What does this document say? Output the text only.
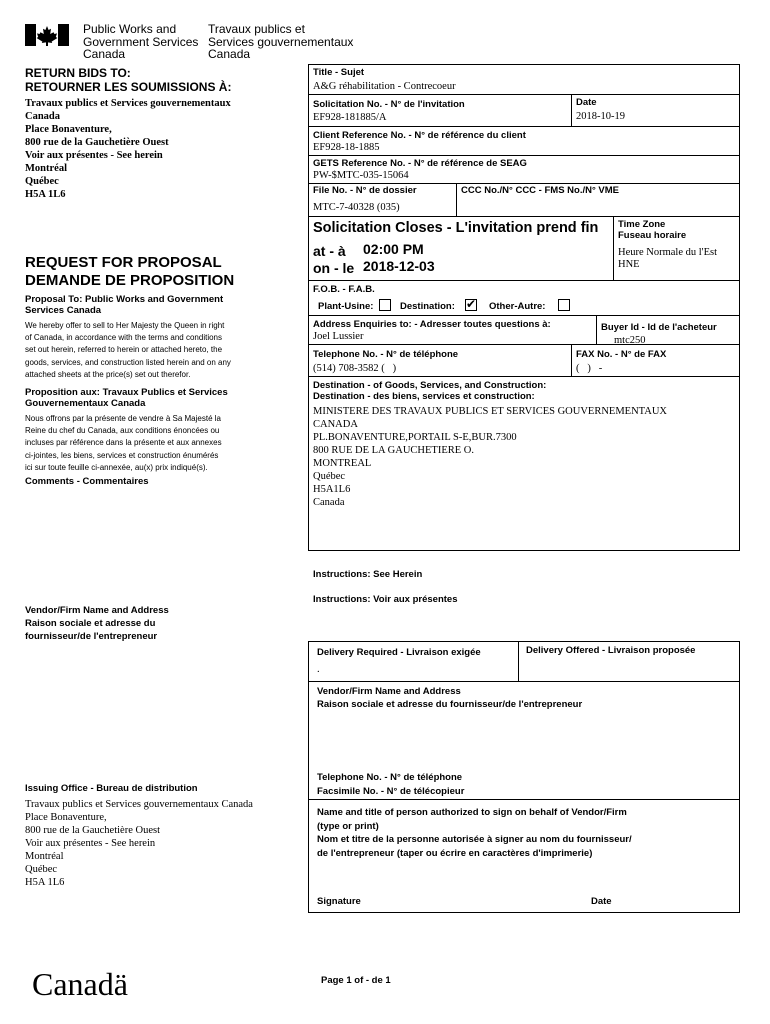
Public Works and
Government Services
Canada
Travaux publics et
Services gouvernementaux
Canada
RETURN BIDS TO:
RETOURNER LES SOUMISSIONS À:
Travaux publics et Services gouvernementaux
Canada
Place Bonaventure,
800 rue de la Gauchetière Ouest
Voir aux présentes - See herein
Montréal
Québec
H5A 1L6
REQUEST FOR PROPOSAL
DEMANDE DE PROPOSITION
Proposal To: Public Works and Government
Services Canada
We hereby offer to sell to Her Majesty the Queen in right
of Canada, in accordance with the terms and conditions
set out herein, referred to herein or attached hereto, the
goods, services, and construction listed herein and on any
attached sheets at the price(s) set out therefor.
Proposition aux: Travaux Publics et Services
Gouvernementaux Canada
Nous offrons par la présente de vendre à Sa Majesté la
Reine du chef du Canada, aux conditions énoncées ou
incluses par référence dans la présente et aux annexes
ci-jointes, les biens, services et construction énumérés
ici sur toute feuille ci-annexée, au(x) prix indiqué(s).
Comments - Commentaires
Vendor/Firm Name and Address
Raison sociale et adresse du
fournisseur/de l'entrepreneur
Issuing Office - Bureau de distribution
Travaux publics et Services gouvernementaux Canada
Place Bonaventure,
800 rue de la Gauchetière Ouest
Voir aux présentes - See herein
Montréal
Québec
H5A 1L6
Canadä	Page 1 of - de 1
Title - Sujet
A&G réhabilitation - Contrecoeur
Solicitation No. - N° de l'invitation
EF928-181885/A
Date
2018-10-19
Client Reference No. - N° de référence du client
EF928-18-1885
GETS Reference No. - N° de référence de SEAG
PW-$MTC-035-15064
File No. - N° de dossier
MTC-7-40328 (035)
CCC No./N° CCC - FMS No./N° VME
Solicitation Closes - L'invitation prend fin
at - à 02:00 PM
on - le 2018-12-03
Time Zone
Fuseau horaire
Heure Normale du l'Est
HNE
F.O.B. - F.A.B.
Plant-Usine:	Destination: ✔ Other-Autre:
Address Enquiries to: - Adresser toutes questions à:
Joel Lussier
Buyer Id - Id de l'acheteur
mtc250
Telephone No. - N° de téléphone
(514) 708-3582 (   )
FAX No. - N° de FAX
(   )   -
Destination - of Goods, Services, and Construction:
Destination - des biens, services et construction:
MINISTERE DES TRAVAUX PUBLICS ET SERVICES GOUVERNEMENTAUX
CANADA
PL.BONAVENTURE,PORTAIL S-E,BUR.7300
800 RUE DE LA GAUCHETIERE O.
MONTREAL
Québec
H5A1L6
Canada
Instructions: See Herein
Instructions: Voir aux présentes
Delivery Required - Livraison exigée
.
Delivery Offered - Livraison proposée
Vendor/Firm Name and Address
Raison sociale et adresse du fournisseur/de l'entrepreneur
Telephone No. - N° de téléphone
Facsimile No. - N° de télécopieur
Name and title of person authorized to sign on behalf of Vendor/Firm
(type or print)
Nom et titre de la personne autorisée à signer au nom du fournisseur/
de l'entrepreneur (taper ou écrire en caractères d'imprimerie)
Signature	Date
